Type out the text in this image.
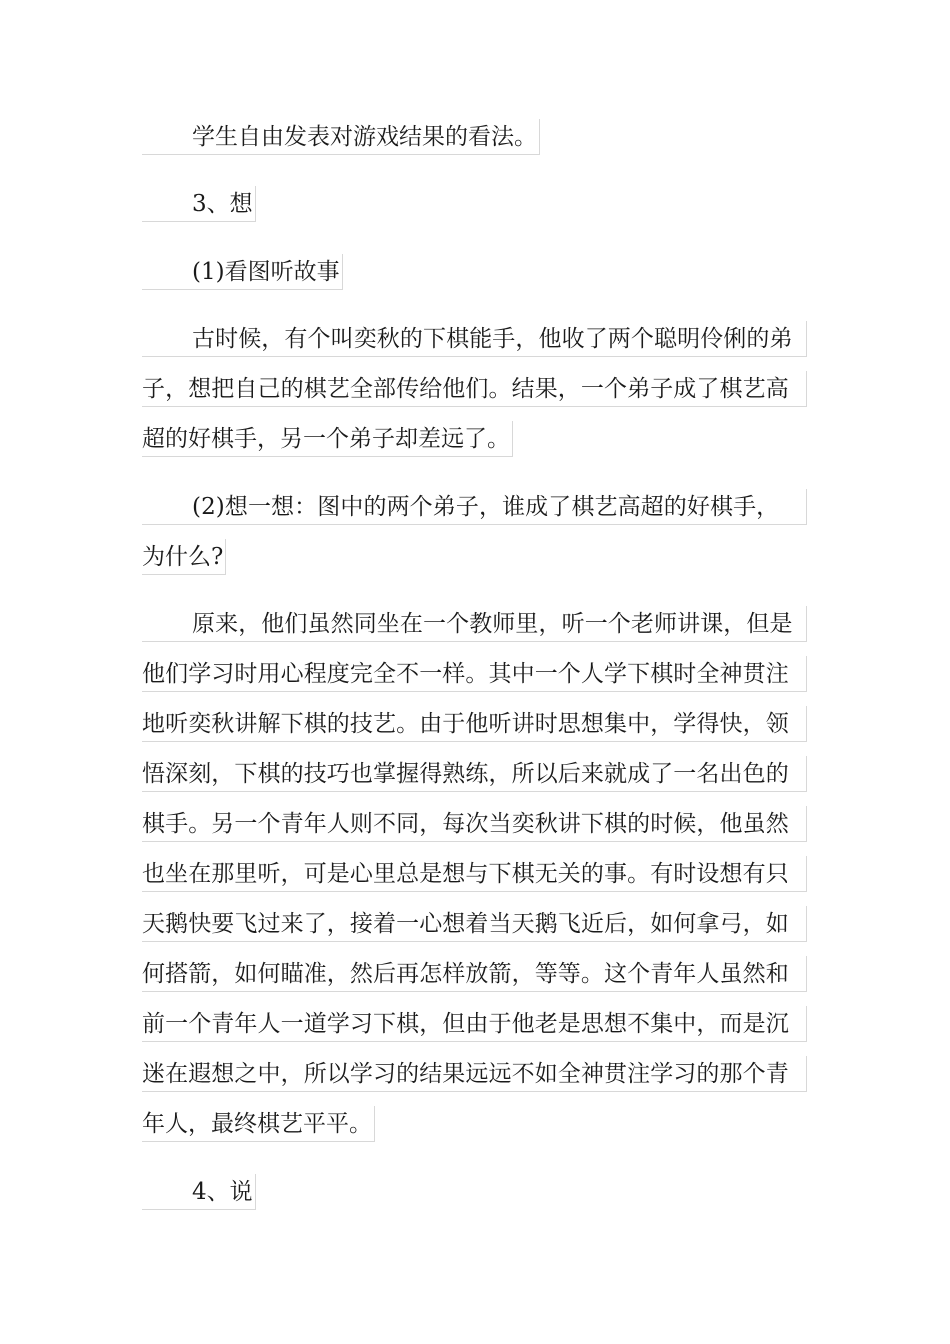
学生自由发表对游戏结果的看法。
3、想
(1)看图听故事
古时候，有个叫奕秋的下棋能手，他收了两个聪明伶俐的弟
子，想把自己的棋艺全部传给他们。结果，一个弟子成了棋艺高
超的好棋手，另一个弟子却差远了。
(2)想一想：图中的两个弟子，谁成了棋艺高超的好棋手，
为什么?
原来，他们虽然同坐在一个教师里，听一个老师讲课，但是
他们学习时用心程度完全不一样。其中一个人学下棋时全神贯注
地听奕秋讲解下棋的技艺。由于他听讲时思想集中，学得快，领
悟深刻，下棋的技巧也掌握得熟练，所以后来就成了一名出色的
棋手。另一个青年人则不同，每次当奕秋讲下棋的时候，他虽然
也坐在那里听，可是心里总是想与下棋无关的事。有时设想有只
天鹅快要飞过来了，接着一心想着当天鹅飞近后，如何拿弓，如
何搭箭，如何瞄准，然后再怎样放箭，等等。这个青年人虽然和
前一个青年人一道学习下棋，但由于他老是思想不集中，而是沉
迷在遐想之中，所以学习的结果远远不如全神贯注学习的那个青
年人，最终棋艺平平。
4、说
